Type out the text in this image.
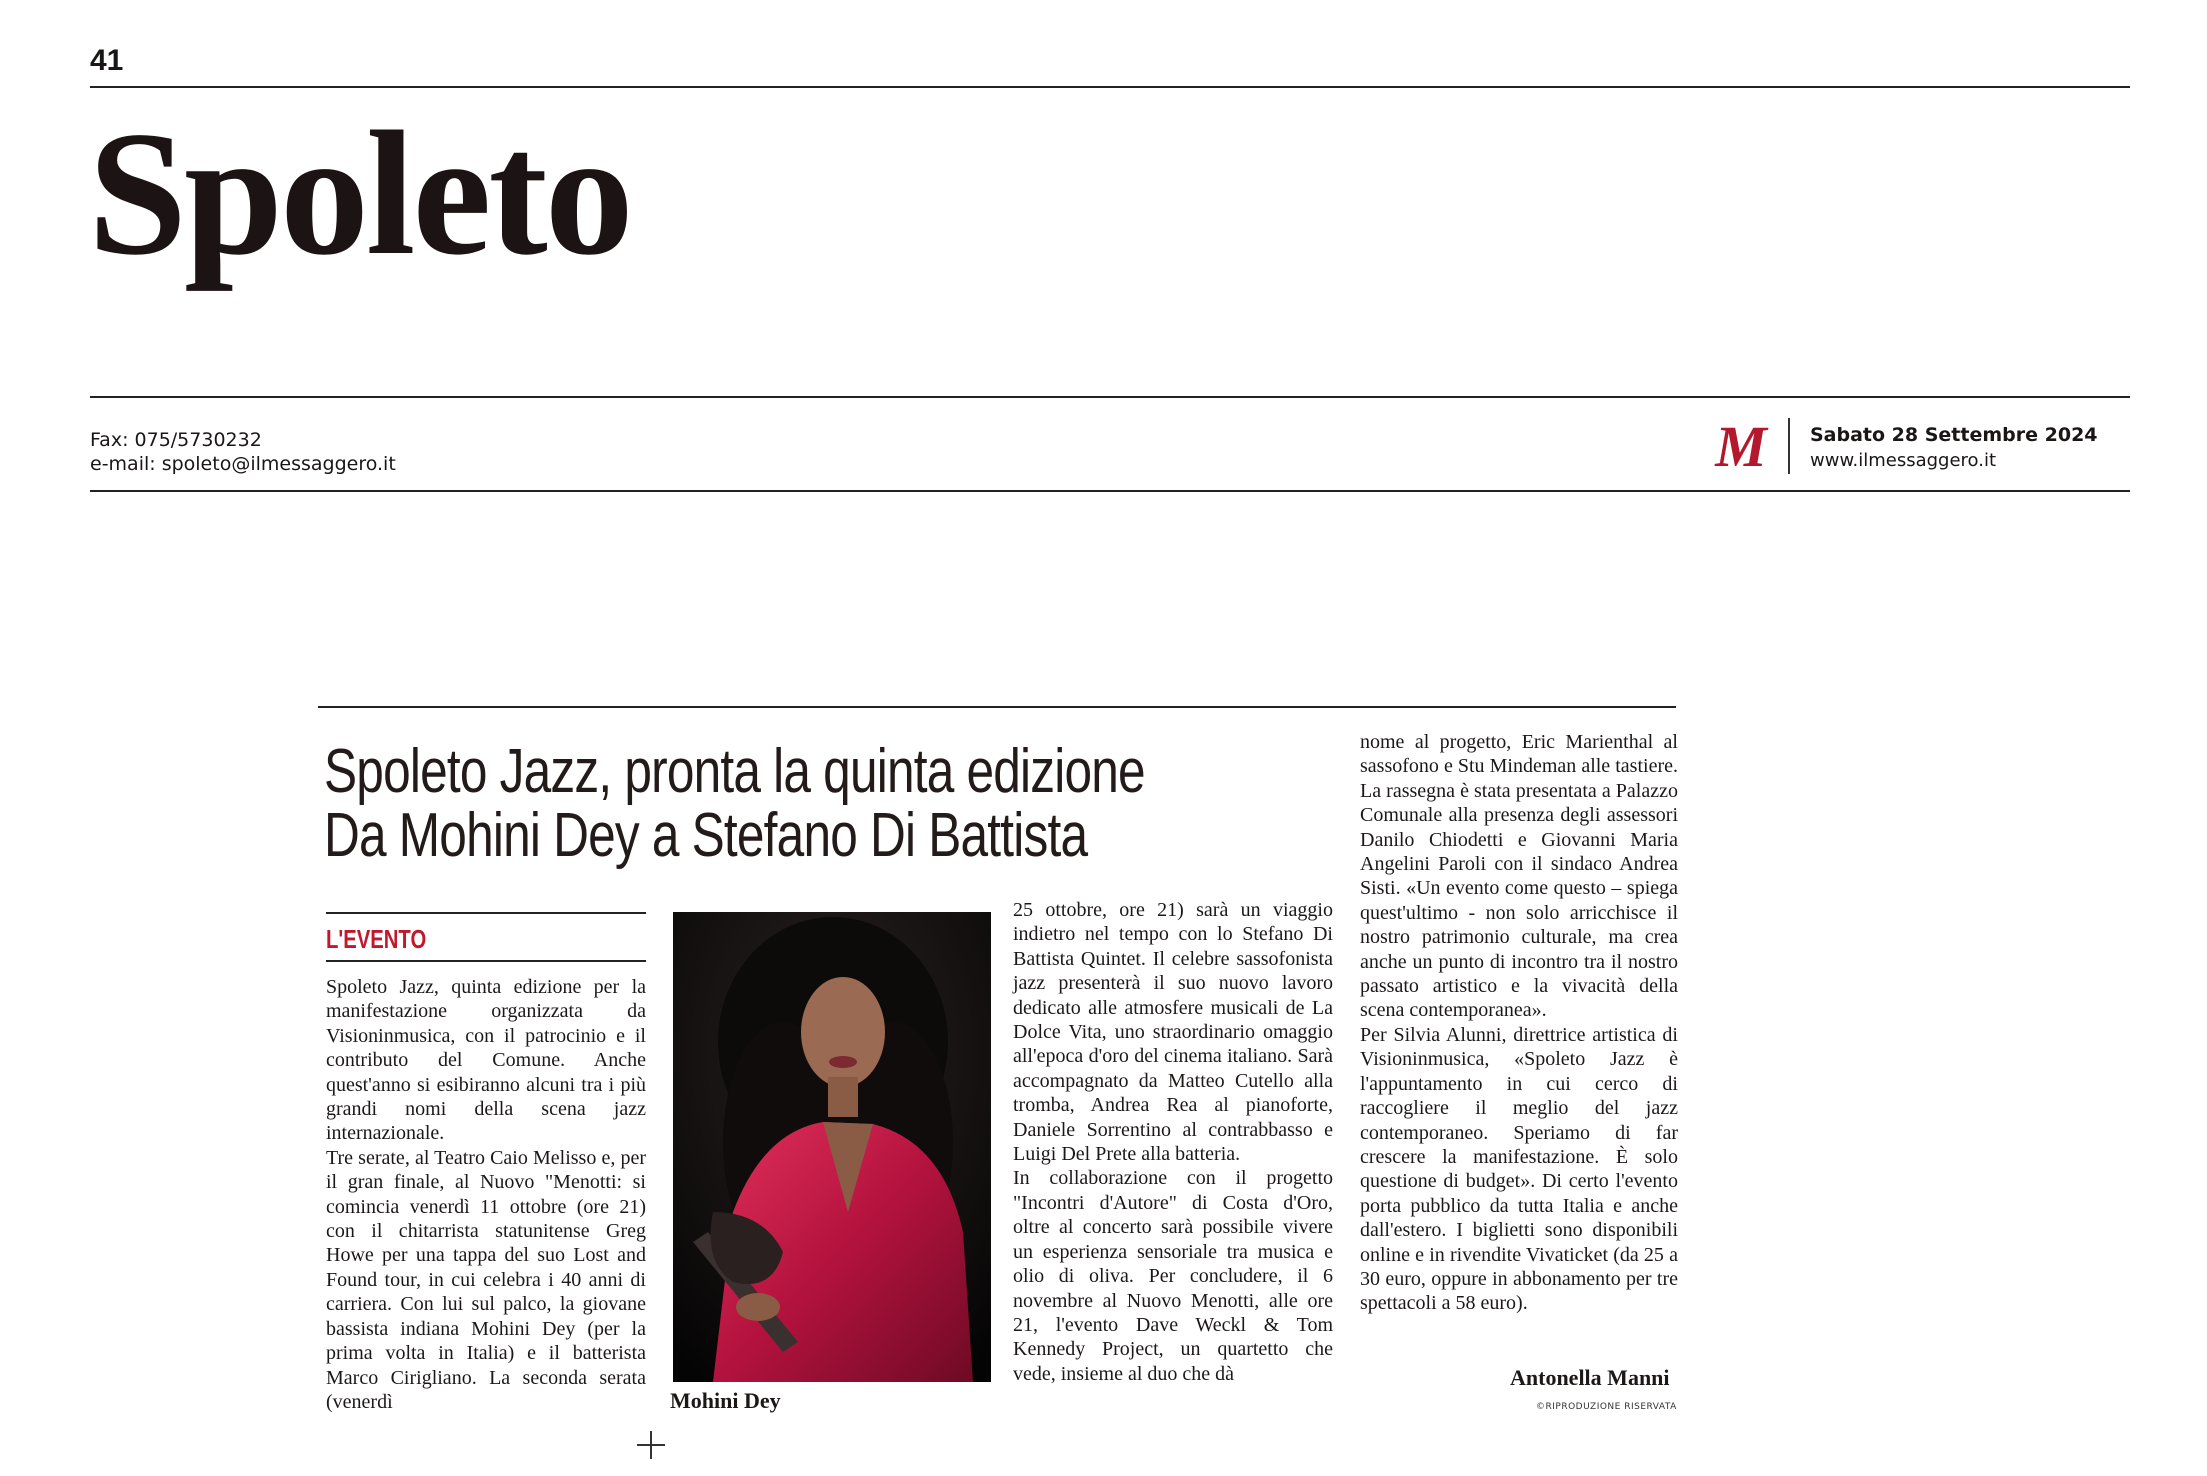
41
Spoleto
Fax: 075/5730232
e-mail: spoleto@ilmessaggero.it	M Sabato 28 Settembre 2024
www.ilmessaggero.it
Spoleto Jazz, pronta la quinta edizione
Da Mohini Dey a Stefano Di Battista
L'EVENTO

Spoleto Jazz, quinta edizione per la manifestazione organizzata da Visioninmusica, con il patrocinio e il contributo del Comune. Anche quest'anno si esibiranno alcuni tra i più grandi nomi della scena jazz internazionale.

Tre serate, al Teatro Caio Melisso e, per il gran finale, al Nuovo "Menotti: si comincia venerdì 11 ottobre (ore 21) con il chitarrista statunitense Greg Howe per una tappa del suo Lost and Found tour, in cui celebra i 40 anni di carriera. Con lui sul palco, la giovane bassista indiana Mohini Dey (per la prima volta in Italia) e il batterista Marco Cirigliano. La seconda serata (venerdì	Mohini Dey

25 ottobre, ore 21) sarà un viaggio indietro nel tempo con lo Stefano Di Battista Quintet. Il celebre sassofonista jazz presenterà il suo nuovo lavoro dedicato alle atmosfere musicali de La Dolce Vita, uno straordinario omaggio all'epoca d'oro del cinema italiano. Sarà accompagnato da Matteo Cutello alla tromba, Andrea Rea al pianoforte, Daniele Sorrentino al contrabbasso e Luigi Del Prete alla batteria.

In collaborazione con il progetto "Incontri d'Autore" di Costa d'Oro, oltre al concerto sarà possibile vivere un esperienza sensoriale tra musica e olio di oliva. Per concludere, il 6 novembre al Nuovo Menotti, alle ore 21, l'evento Dave Weckl & Tom Kennedy Project, un quartetto che vede, insieme al duo che dà

nome al progetto, Eric Marienthal al sassofono e Stu Mindeman alle tastiere. La rassegna è stata presentata a Palazzo Comunale alla presenza degli assessori Danilo Chiodetti e Giovanni Maria Angelini Paroli con il sindaco Andrea Sisti. «Un evento come questo – spiega quest'ultimo - non solo arricchisce il nostro patrimonio culturale, ma crea anche un punto di incontro tra il nostro passato artistico e la vivacità della scena contemporanea».

Per Silvia Alunni, direttrice artistica di Visioninmusica, «Spoleto Jazz è l'appuntamento in cui cerco di raccogliere il meglio del jazz contemporaneo. Speriamo di far crescere la manifestazione. È solo questione di budget». Di certo l'evento porta pubblico da tutta Italia e anche dall'estero. I biglietti sono disponibili online e in rivendite Vivaticket (da 25 a 30 euro, oppure in abbonamento per tre spettacoli a 58 euro).

Antonella Manni
©RIPRODUZIONE RISERVATA
